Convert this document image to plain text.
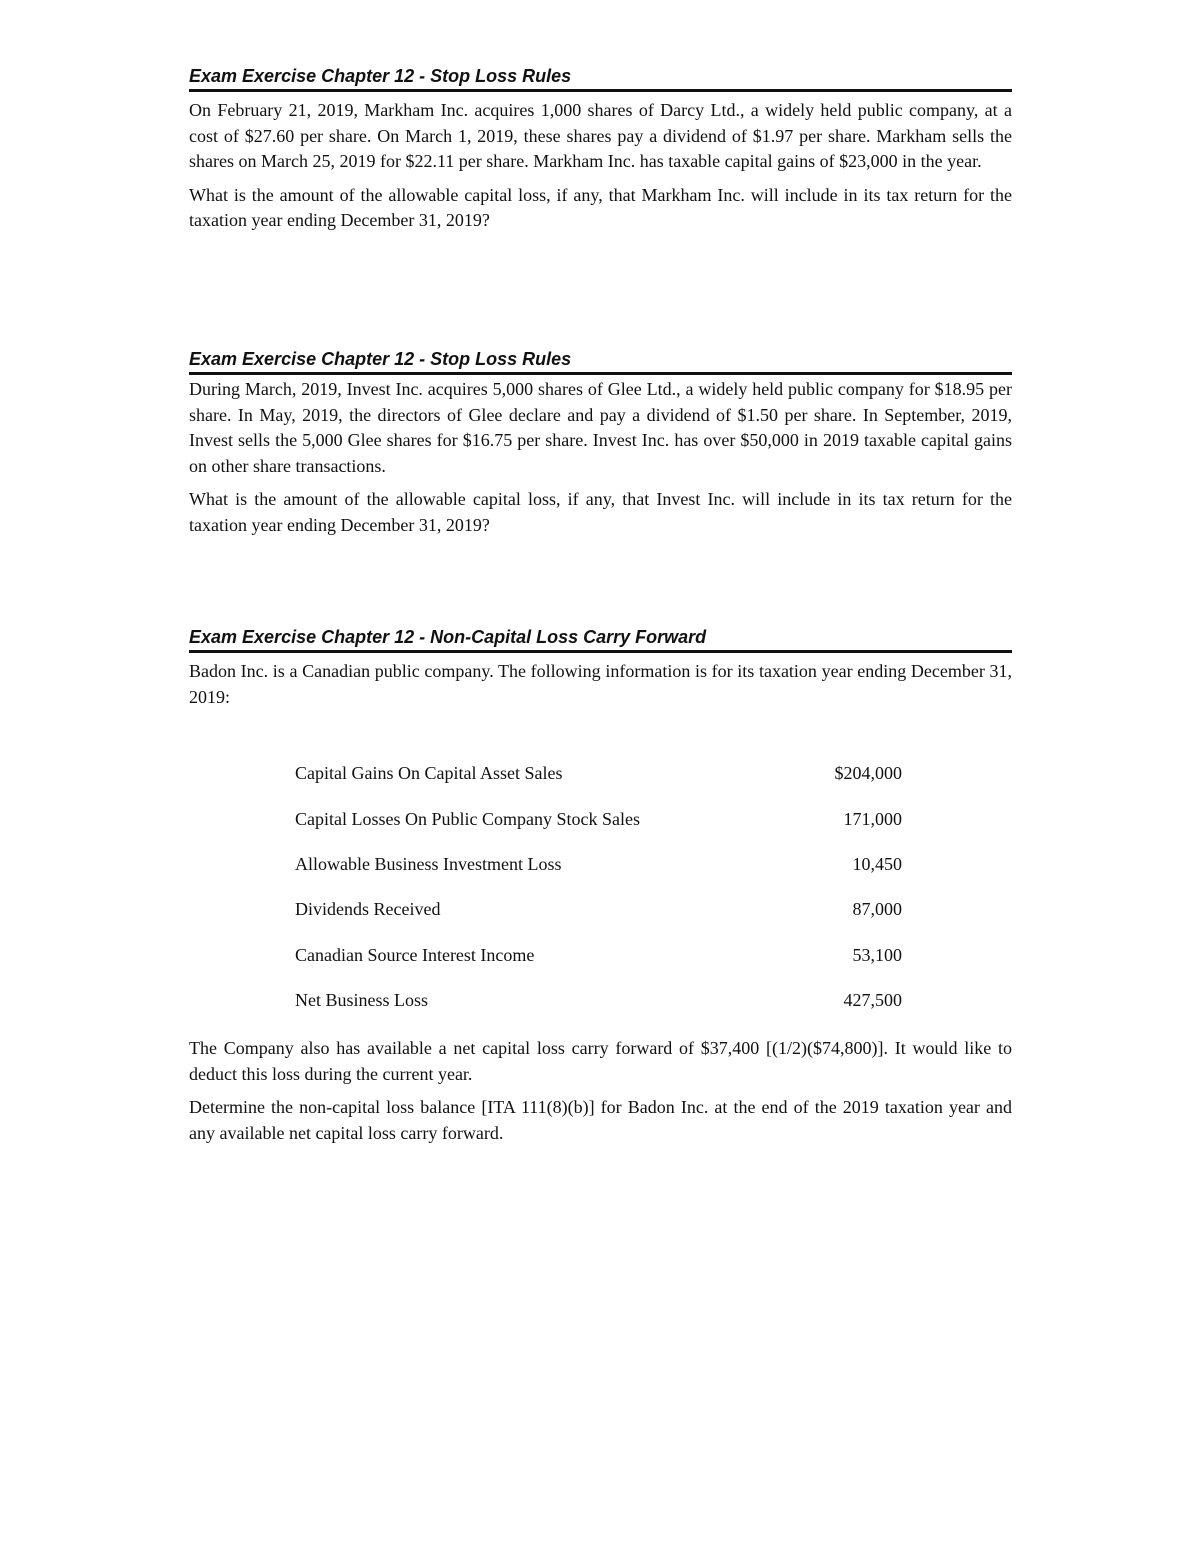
Exam Exercise Chapter 12 - Stop Loss Rules

On February 21, 2019, Markham Inc. acquires 1,000 shares of Darcy Ltd., a widely held public company, at a cost of $27.60 per share. On March 1, 2019, these shares pay a dividend of $1.97 per share. Markham sells the shares on March 25, 2019 for $22.11 per share. Markham Inc. has taxable capital gains of $23,000 in the year.

What is the amount of the allowable capital loss, if any, that Markham Inc. will include in its tax return for the taxation year ending December 31, 2019?

Exam Exercise Chapter 12 - Stop Loss Rules

During March, 2019, Invest Inc. acquires 5,000 shares of Glee Ltd., a widely held public company for $18.95 per share. In May, 2019, the directors of Glee declare and pay a dividend of $1.50 per share. In September, 2019, Invest sells the 5,000 Glee shares for $16.75 per share. Invest Inc. has over $50,000 in 2019 taxable capital gains on other share transactions.

What is the amount of the allowable capital loss, if any, that Invest Inc. will include in its tax return for the taxation year ending December 31, 2019?

Exam Exercise Chapter 12 - Non-Capital Loss Carry Forward

Badon Inc. is a Canadian public company. The following information is for its taxation year ending December 31, 2019:

Capital Gains On Capital Asset Sales	$204,000
Capital Losses On Public Company Stock Sales	171,000
Allowable Business Investment Loss	10,450
Dividends Received	87,000
Canadian Source Interest Income	53,100
Net Business Loss	427,500

The Company also has available a net capital loss carry forward of $37,400 [(1/2)($74,800)]. It would like to deduct this loss during the current year.

Determine the non-capital loss balance [ITA 111(8)(b)] for Badon Inc. at the end of the 2019 taxation year and any available net capital loss carry forward.
